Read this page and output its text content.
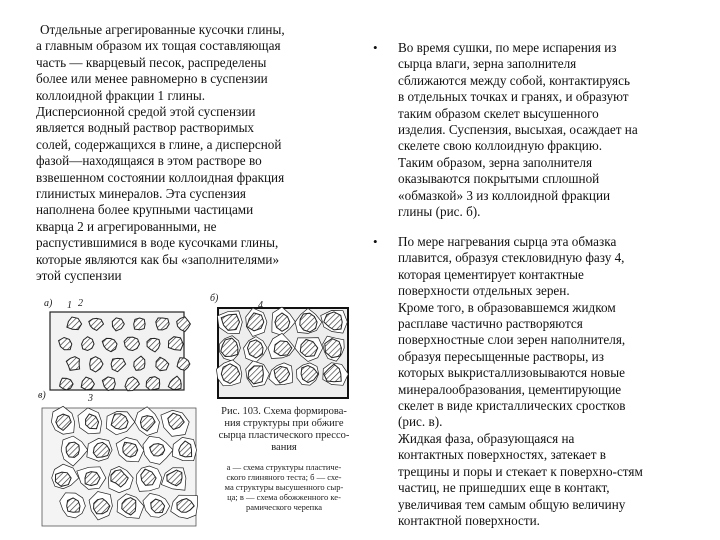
Отдельные агрегированные кусочки глины,
а главным образом их тощая составляющая
часть — кварцевый песок, распределены
более или менее равномерно в суспензии
коллоидной фракции 1 глины.
Дисперсионной средой этой суспензии
является водный раствор растворимых
солей, содержащихся в глине, а дисперсной
фазой—находящаяся в этом растворе во
взвешенном состоянии коллоидная фракция
глинистых минералов. Эта суспензия
наполнена более крупными частицами
кварца 2 и агрегированными, не
распустившимися в воде кусочками глины,
которые являются как бы «заполнителями»
этой суспензии
• Во время сушки, по мере испарения из
сырца влаги, зерна заполнителя
сближаются между собой, контактируясь
в отдельных точках и гранях, и образуют
таким образом скелет высушенного
изделия. Суспензия, высыхая, осаждает на
скелете свою коллоидную фракцию.
Таким образом, зерна заполнителя
оказываются покрытыми сплошной
«обмазкой» 3 из коллоидной фракции
глины (рис. б).
• По мере нагревания сырца эта обмазка
плавится, образуя стекловидную фазу 4,
которая цементирует контактные
поверхности отдельных зерен.
Кроме того, в образовавшемся жидком
расплаве частично растворяются
поверхностные слои зерен наполнителя,
образуя пересыщенные растворы, из
которых выкристаллизовываются новые
минералообразования, цементирующие
скелет в виде кристаллических сростков
(рис. в).
Жидкая фаза, образующаяся на
контактных поверхностях, затекает в
трещины и поры и стекает к поверхно-стям
частиц, не пришедших еще в контакт,
увеличивая тем самым общую величину
контактной поверхности.
а) 1 2	б)
4
в)	3
Рис. 103. Схема формирова-
ния структуры при обжиге
сырца пластического прессо-
вания
а — схема структуры пластиче-
ского глиняного теста; б — схе-
ма структуры высушенного сыр-
ца; в — схема обожженного ке-
рамического черепка
